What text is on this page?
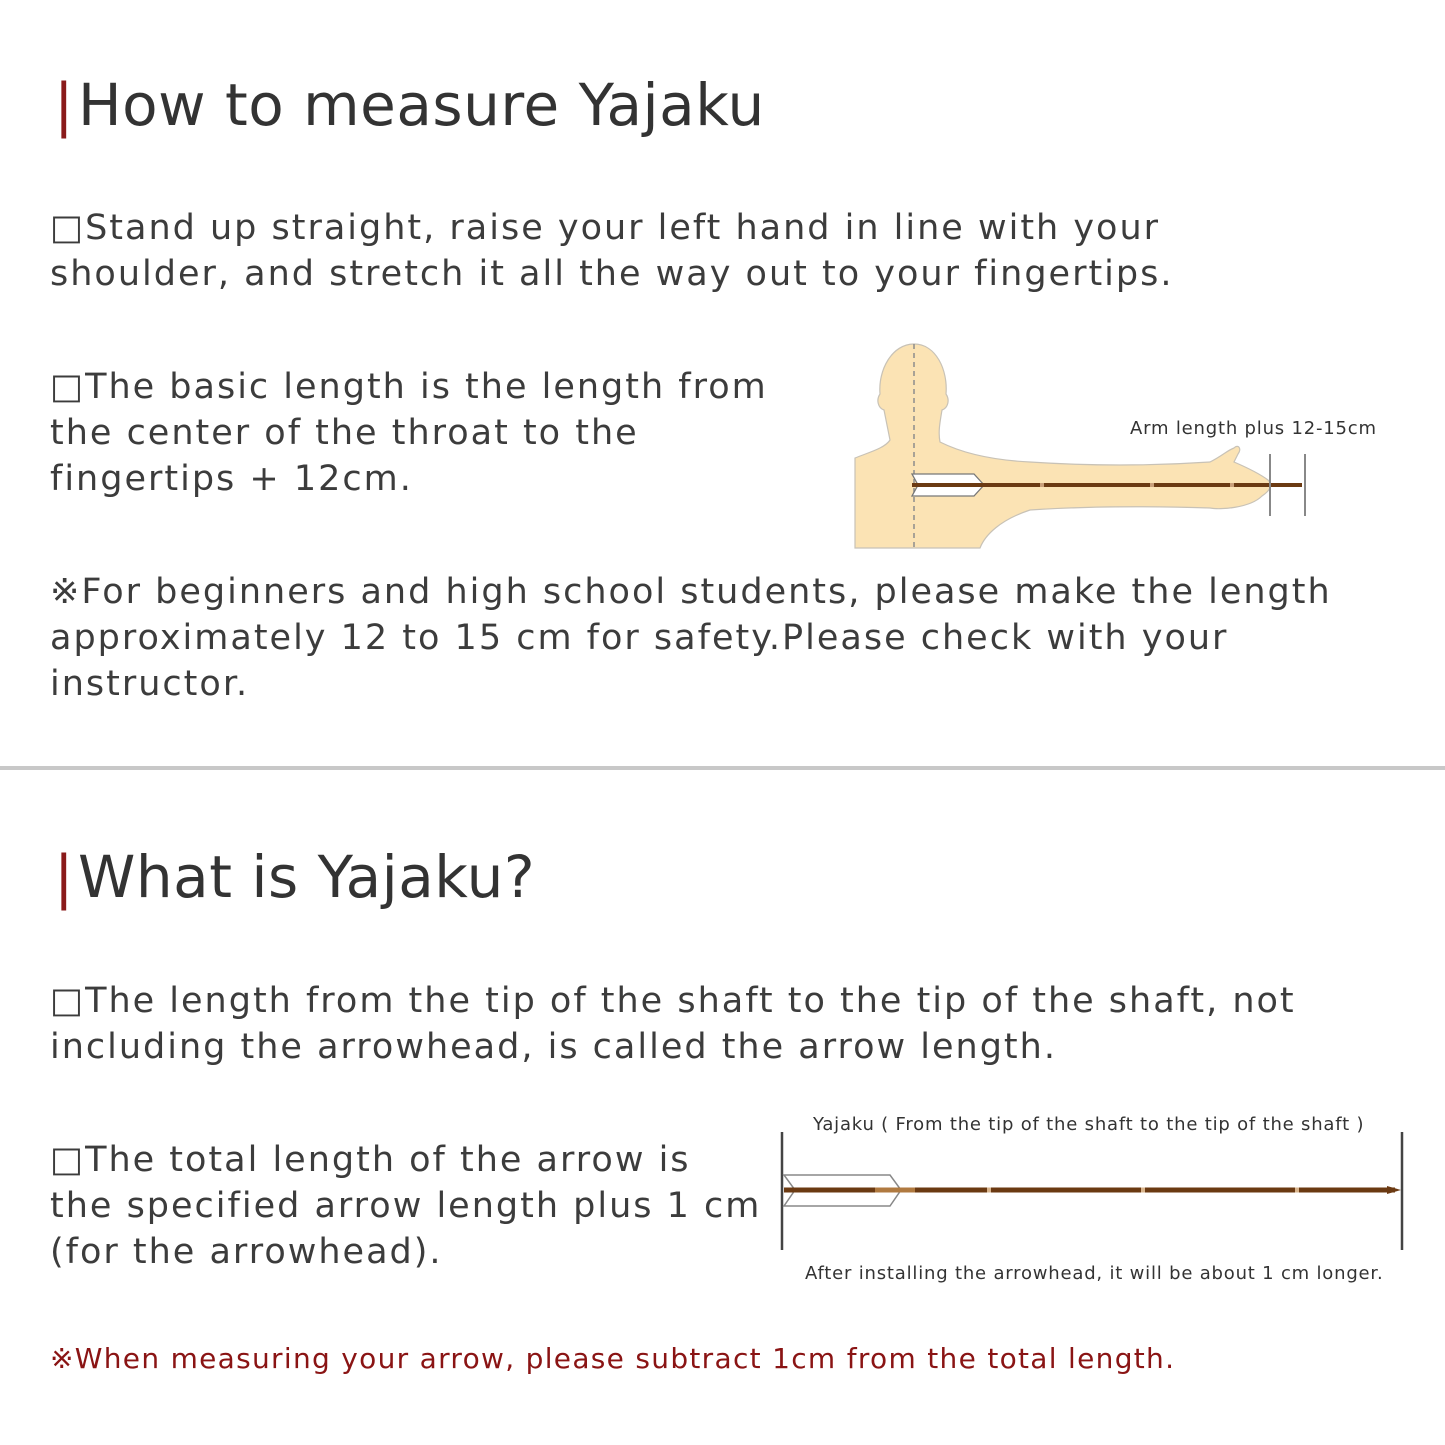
|How to measure Yajaku
□Stand up straight, raise your left hand in line with your
shoulder, and stretch it all the way out to your fingertips.
□The basic length is the length from
the center of the throat to the
fingertips + 12cm.
Arm length plus 12-15cm
※For beginners and high school students, please make the length
approximately 12 to 15 cm for safety.Please check with your
instructor.
|What is Yajaku?
□The length from the tip of the shaft to the tip of the shaft, not
including the arrowhead, is called the arrow length.
□The total length of the arrow is
the specified arrow length plus 1 cm
(for the arrowhead).
Yajaku ( From the tip of the shaft to the tip of the shaft )
After installing the arrowhead, it will be about 1 cm longer.
※When measuring your arrow, please subtract 1cm from the total length.
